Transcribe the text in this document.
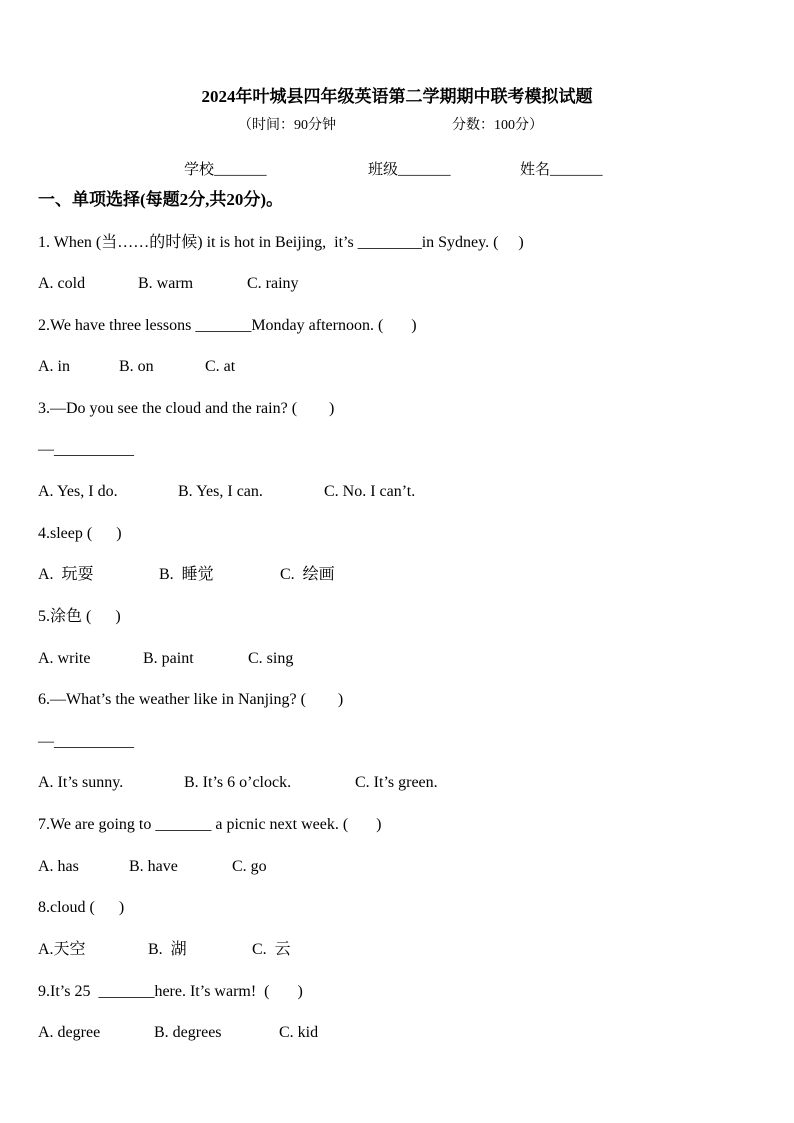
2024年叶城县四年级英语第二学期期中联考模拟试题
（时间：90分钟	分数：100分）
学校_______	班级_______	姓名_______
一、单项选择(每题2分,共20分)。
1. When (当……的时候) it is hot in Beijing,  it’s ________in Sydney. (     )
A. cold	B. warm	C. rainy
2.We have three lessons _______Monday afternoon. (       )
A. in	B. on	C. at
3.—Do you see the cloud and the rain? (        )
—__________
A. Yes, I do.	B. Yes, I can.	C. No. I can’t.
4.sleep (      )
A.  玩耍	B.  睡觉	C.  绘画
5.涂色 (      )
A. write	B. paint	C. sing
6.—What’s the weather like in Nanjing? (        )
—__________
A. It’s sunny.	B. It’s 6 o’clock.	C. It’s green.
7.We are going to _______ a picnic next week. (       )
A. has	B. have	C. go
8.cloud (      )
A.天空	B.  湖	C.  云
9.It’s 25  _______here. It’s warm!  (       )
A. degree	B. degrees	C. kid
